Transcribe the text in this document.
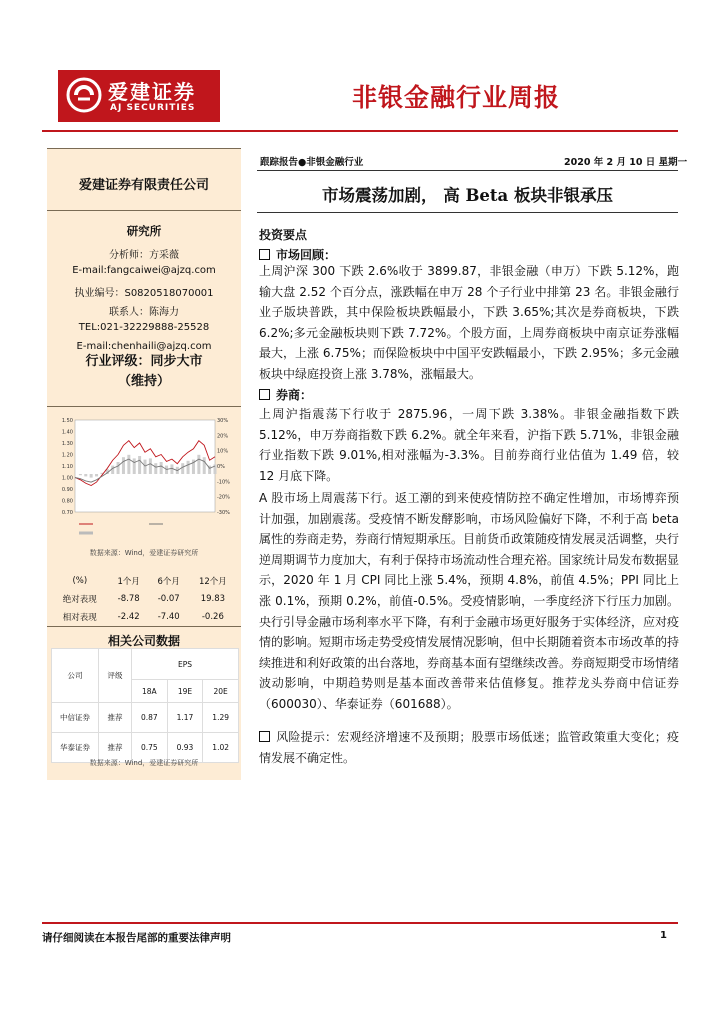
爱建证券
AJ SECURITIES	非银金融行业周报
爱建证券有限责任公司
研究所
分析师：方采薇
E-mail:fangcaiwei@ajzq.com
执业编号：S0820518070001
联系人：陈海力
TEL:021-32229888-25528
E-mail:chenhaili@ajzq.com
行业评级：同步大市
（维持）
1.50
1.40
1.30
1.20
1.10
1.00
0.90
0.80
0.70
30%
20%
10%
0%
-10%
-20%
-30%
数据来源：Wind，爱建证券研究所
(%)	1个月	6个月	12个月
绝对表现	-8.78	-0.07	19.83
相对表现	-2.42	-7.40	-0.26
相关公司数据
公司	评级	EPS		
		18A	19E	20E
中信证券	推荐	0.87	1.17	1.29
华泰证券	推荐	0.75	0.93	1.02
数据来源：Wind，爱建证券研究所
跟踪报告●非银金融行业	2020 年 2 月 10 日 星期一
市场震荡加剧， 高 Beta 板块非银承压
投资要点
市场回顾：
上周沪深 300 下跌 2.6%收于 3899.87，非银金融（申万）下跌 5.12%，跑输大盘 2.52 个百分点，涨跌幅在申万 28 个子行业中排第 23 名。非银金融行业子版块普跌，其中保险板块跌幅最小，下跌 3.65%;其次是券商板块，下跌 6.2%;多元金融板块则下跌 7.72%。个股方面，上周券商板块中南京证券涨幅最大，上涨 6.75%；而保险板块中中国平安跌幅最小，下跌 2.95%；多元金融板块中绿庭投资上涨 3.78%，涨幅最大。
券商：
上周沪指震荡下行收于 2875.96，一周下跌 3.38%。非银金融指数下跌 5.12%，申万券商指数下跌 6.2%。就全年来看，沪指下跌 5.71%，非银金融行业指数下跌 9.01%,相对涨幅为-3.3%。目前券商行业估值为 1.49 倍，较 12 月底下降。
A 股市场上周震荡下行。返工潮的到来使疫情防控不确定性增加，市场博弈预计加强，加剧震荡。受疫情不断发酵影响，市场风险偏好下降，不利于高 beta 属性的券商走势，券商行情短期承压。目前货币政策随疫情发展灵活调整，央行逆周期调节力度加大，有利于保持市场流动性合理充裕。国家统计局发布数据显示，2020 年 1 月 CPI 同比上涨 5.4%，预期 4.8%，前值 4.5%；PPI 同比上涨 0.1%，预期 0.2%，前值-0.5%。受疫情影响，一季度经济下行压力加剧。央行引导金融市场利率水平下降，有利于金融市场更好服务于实体经济，应对疫情的影响。短期市场走势受疫情发展情况影响，但中长期随着资本市场改革的持续推进和利好政策的出台落地，券商基本面有望继续改善。券商短期受市场情绪波动影响，中期趋势则是基本面改善带来估值修复。推荐龙头券商中信证券（600030）、华泰证券（601688）。
风险提示：宏观经济增速不及预期；股票市场低迷；监管政策重大变化；疫情发展不确定性。
请仔细阅读在本报告尾部的重要法律声明	1
